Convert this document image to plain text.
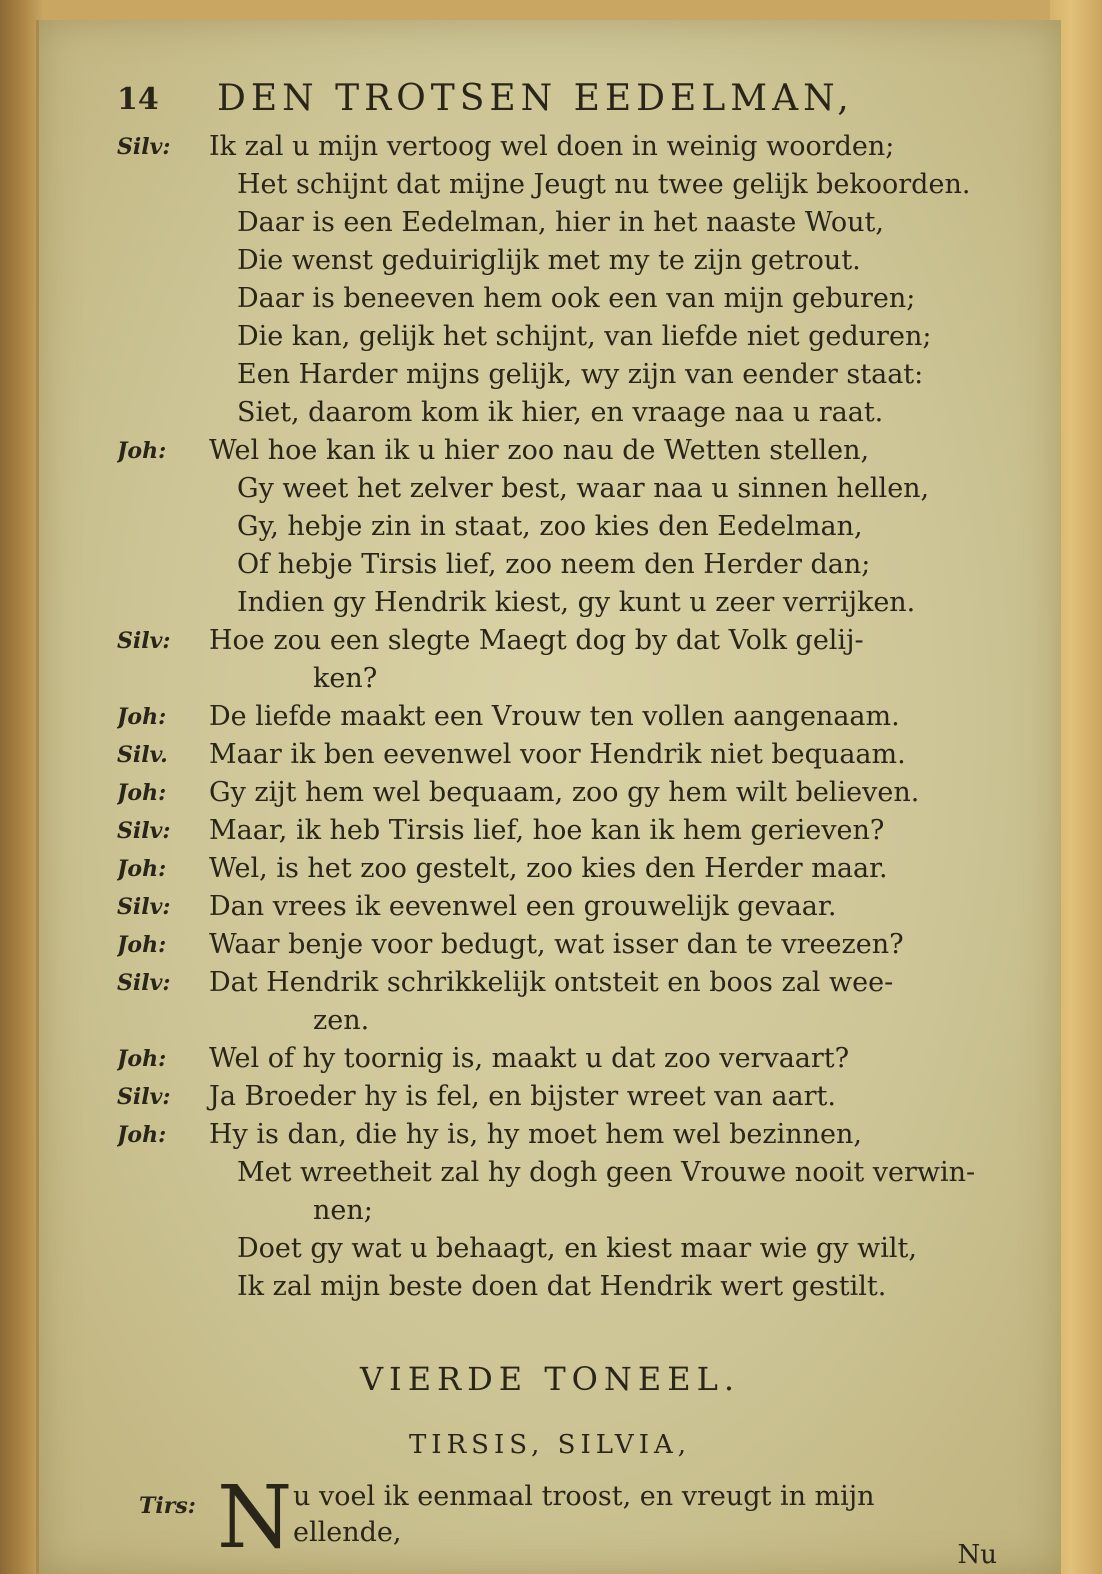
14 DEN TROTSEN EEDELMAN,
Silv:	Ik zal u mijn vertoog wel doen in weinig woorden;
Het schijnt dat mijne Jeugt nu twee gelijk bekoorden.
Daar is een Eedelman, hier in het naaste Wout,
Die wenst geduiriglijk met my te zijn getrout.
Daar is beneeven hem ook een van mijn geburen;
Die kan, gelijk het schijnt, van liefde niet geduren;
Een Harder mijns gelijk, wy zijn van eender staat:
Siet, daarom kom ik hier, en vraage naa u raat.
Joh:	Wel hoe kan ik u hier zoo nau de Wetten stellen,
Gy weet het zelver best, waar naa u sinnen hellen,
Gy, hebje zin in staat, zoo kies den Eedelman,
Of hebje Tirsis lief, zoo neem den Herder dan;
Indien gy Hendrik kiest, gy kunt u zeer verrijken.
Silv:	Hoe zou een slegte Maegt dog by dat Volk gelij-
ken?
Joh:	De liefde maakt een Vrouw ten vollen aangenaam.
Silv.	Maar ik ben eevenwel voor Hendrik niet bequaam.
Joh:	Gy zijt hem wel bequaam, zoo gy hem wilt believen.
Silv:	Maar, ik heb Tirsis lief, hoe kan ik hem gerieven?
Joh:	Wel, is het zoo gestelt, zoo kies den Herder maar.
Silv:	Dan vrees ik eevenwel een grouwelijk gevaar.
Joh:	Waar benje voor bedugt, wat isser dan te vreezen?
Silv:	Dat Hendrik schrikkelijk ontsteit en boos zal wee-
zen.
Joh:	Wel of hy toornig is, maakt u dat zoo vervaart?
Silv:	Ja Broeder hy is fel, en bijster wreet van aart.
Joh:	Hy is dan, die hy is, hy moet hem wel bezinnen,
Met wreetheit zal hy dogh geen Vrouwe nooit verwin-
nen;
Doet gy wat u behaagt, en kiest maar wie gy wilt,
Ik zal mijn beste doen dat Hendrik wert gestilt.
VIERDE TONEEL.
TIRSIS, SILVIA,
Tirs: N u voel ik eenmaal troost, en vreugt in mijn
ellende,
Nu
